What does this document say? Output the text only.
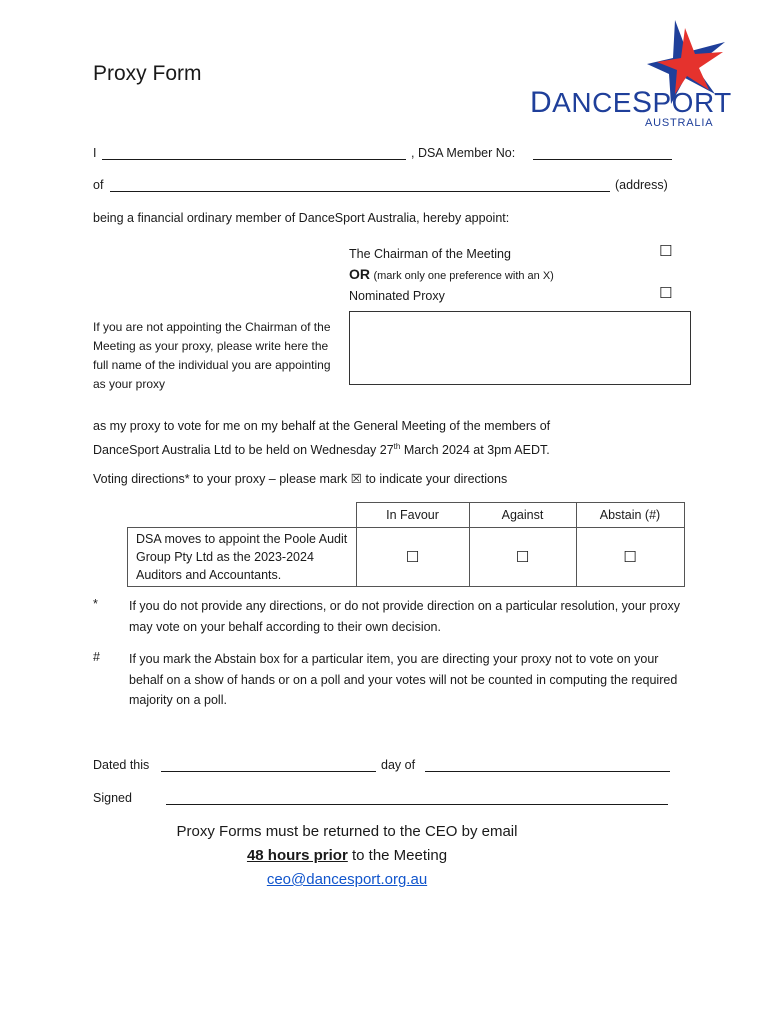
Proxy Form
DANCESPORT
AUSTRALIA
I	, DSA Member No:
of	(address)
being a financial ordinary member of DanceSport Australia, hereby appoint:
The Chairman of the Meeting	☐
OR (mark only one preference with an X)
Nominated Proxy	☐
If you are not appointing the Chairman of the Meeting as your proxy, please write here the full name of the individual you are appointing as your proxy
as my proxy to vote for me on my behalf at the General Meeting of the members of
DanceSport Australia Ltd to be held on Wednesday 27th March 2024 at 3pm AEDT.
Voting directions* to your proxy – please mark ☒ to indicate your directions
	In Favour	Against	Abstain (#)
DSA moves to appoint the Poole Audit Group Pty Ltd as the 2023-2024 Auditors and Accountants.	☐	☐	☐
* If you do not provide any directions, or do not provide direction on a particular resolution, your proxy may vote on your behalf according to their own decision.
# If you mark the Abstain box for a particular item, you are directing your proxy not to vote on your behalf on a show of hands or on a poll and your votes will not be counted in computing the required majority on a poll.
Dated this	day of
Signed
Proxy Forms must be returned to the CEO by email
48 hours prior to the Meeting
ceo@dancesport.org.au
